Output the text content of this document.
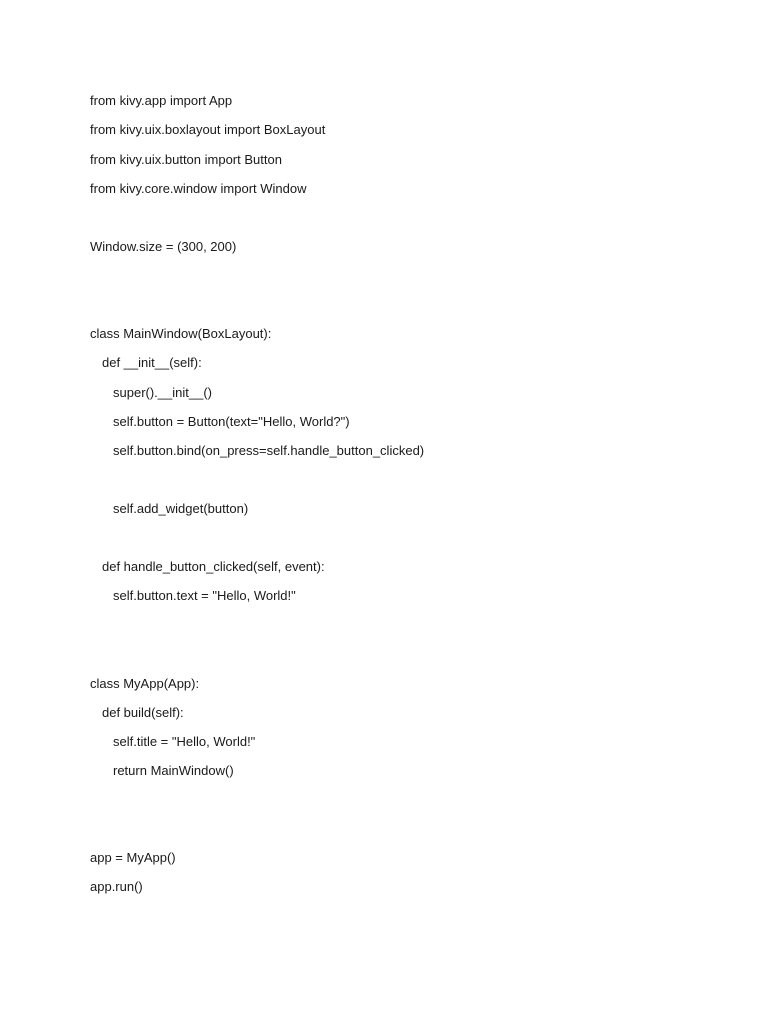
from kivy.app import App

from kivy.uix.boxlayout import BoxLayout

from kivy.uix.button import Button

from kivy.core.window import Window

Window.size = (300, 200)

class MainWindow(BoxLayout):

def __init__(self):

super().__init__()

self.button = Button(text="Hello, World?")

self.button.bind(on_press=self.handle_button_clicked)

self.add_widget(button)

def handle_button_clicked(self, event):

self.button.text = "Hello, World!"

class MyApp(App):

def build(self):

self.title = "Hello, World!"

return MainWindow()

app = MyApp()

app.run()
